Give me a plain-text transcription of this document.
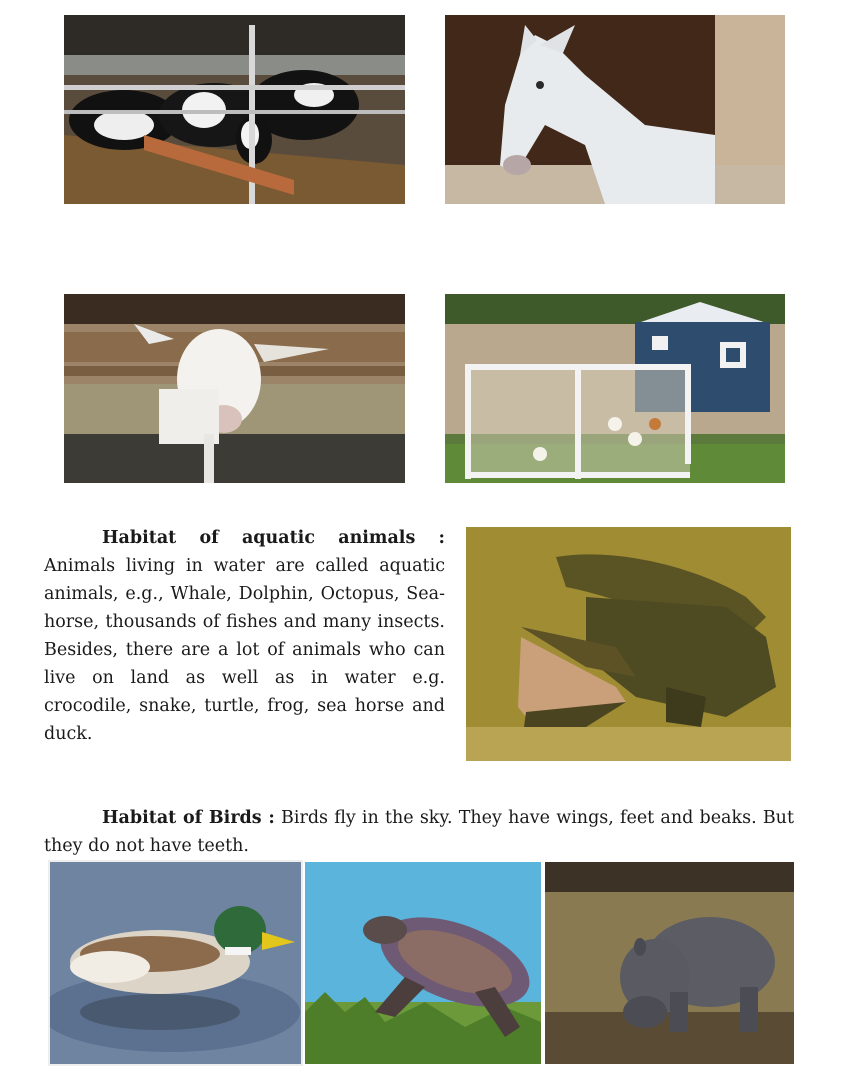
Habitat of aquatic animals : Animals living in water are called aquatic animals, e.g., Whale, Dolphin, Octopus, Sea-horse, thousands of fishes and many insects. Besides, there are a lot of animals who can live on land as well as in water e.g. crocodile, snake, turtle, frog, sea horse and duck.

Habitat of Birds : Birds fly in the sky. They have wings, feet and beaks. But they do not have teeth.
